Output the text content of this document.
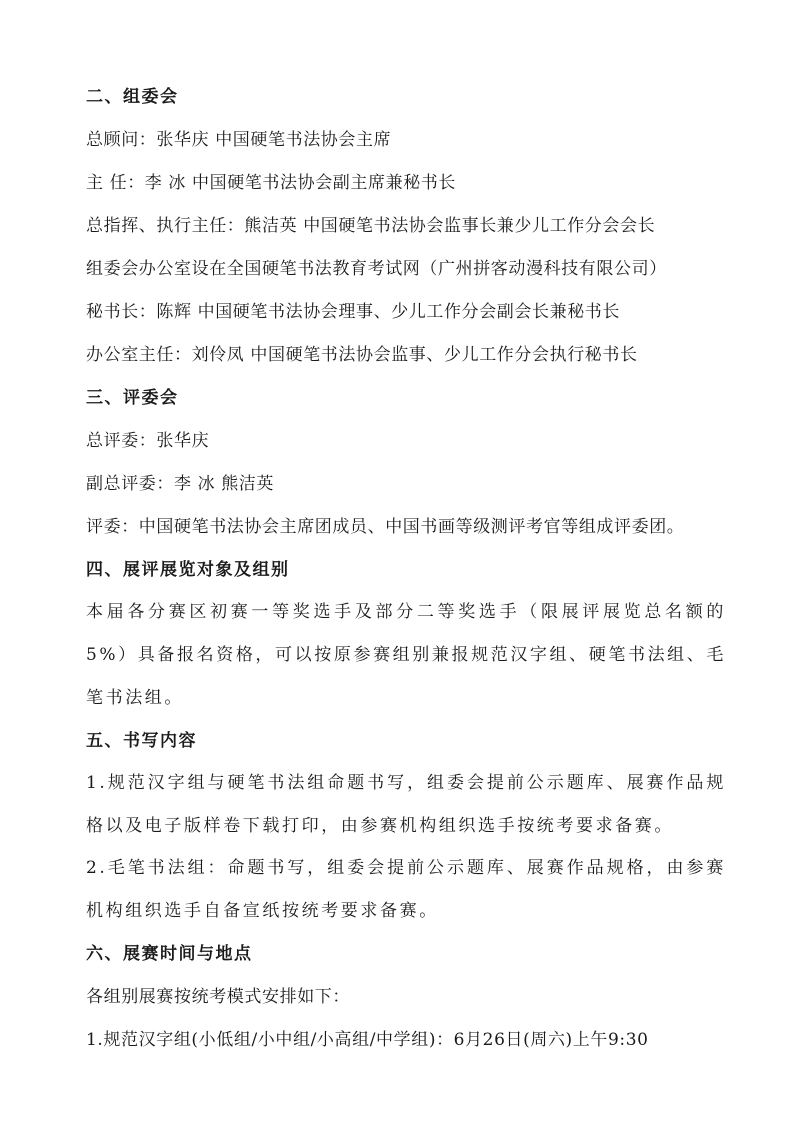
二、组委会
总顾问：张华庆 中国硬笔书法协会主席
主 任：李 冰 中国硬笔书法协会副主席兼秘书长
总指挥、执行主任：熊洁英 中国硬笔书法协会监事长兼少儿工作分会会长
组委会办公室设在全国硬笔书法教育考试网（广州拼客动漫科技有限公司）
秘书长：陈辉 中国硬笔书法协会理事、少儿工作分会副会长兼秘书长
办公室主任：刘伶凤 中国硬笔书法协会监事、少儿工作分会执行秘书长
三、评委会
总评委：张华庆
副总评委：李 冰 熊洁英
评委：中国硬笔书法协会主席团成员、中国书画等级测评考官等组成评委团。
四、展评展览对象及组别
本届各分赛区初赛一等奖选手及部分二等奖选手（限展评展览总名额的5%）具备报名资格，可以按原参赛组别兼报规范汉字组、硬笔书法组、毛笔书法组。
五、书写内容
1.规范汉字组与硬笔书法组命题书写，组委会提前公示题库、展赛作品规格以及电子版样卷下载打印，由参赛机构组织选手按统考要求备赛。
2.毛笔书法组：命题书写，组委会提前公示题库、展赛作品规格，由参赛机构组织选手自备宣纸按统考要求备赛。
六、展赛时间与地点
各组别展赛按统考模式安排如下：
1.规范汉字组(小低组/小中组/小高组/中学组)：6月26日(周六)上午9:30
